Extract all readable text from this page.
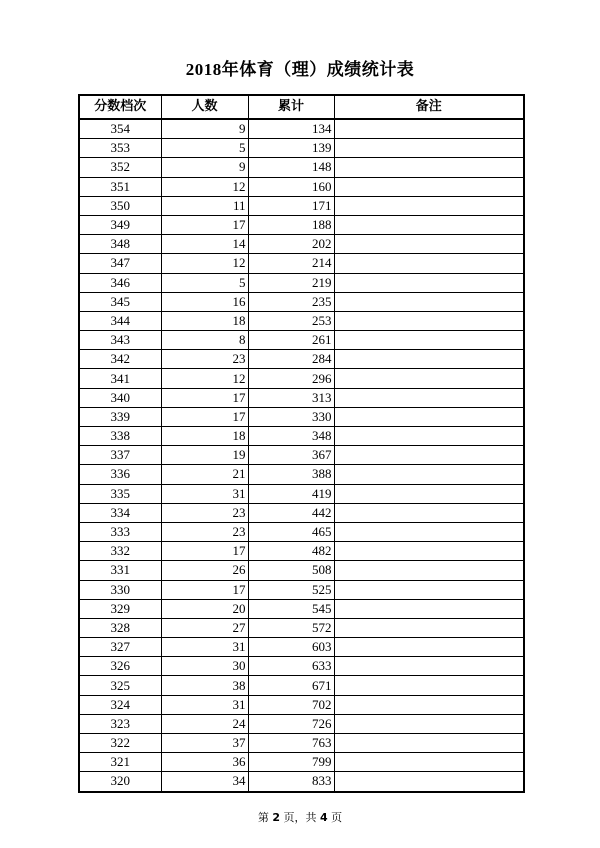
2018年体育（理）成绩统计表
分数档次	人数	累计	备注
354	9	134	
353	5	139	
352	9	148	
351	12	160	
350	11	171	
349	17	188	
348	14	202	
347	12	214	
346	5	219	
345	16	235	
344	18	253	
343	8	261	
342	23	284	
341	12	296	
340	17	313	
339	17	330	
338	18	348	
337	19	367	
336	21	388	
335	31	419	
334	23	442	
333	23	465	
332	17	482	
331	26	508	
330	17	525	
329	20	545	
328	27	572	
327	31	603	
326	30	633	
325	38	671	
324	31	702	
323	24	726	
322	37	763	
321	36	799	
320	34	833	
第 2 页，共 4 页
